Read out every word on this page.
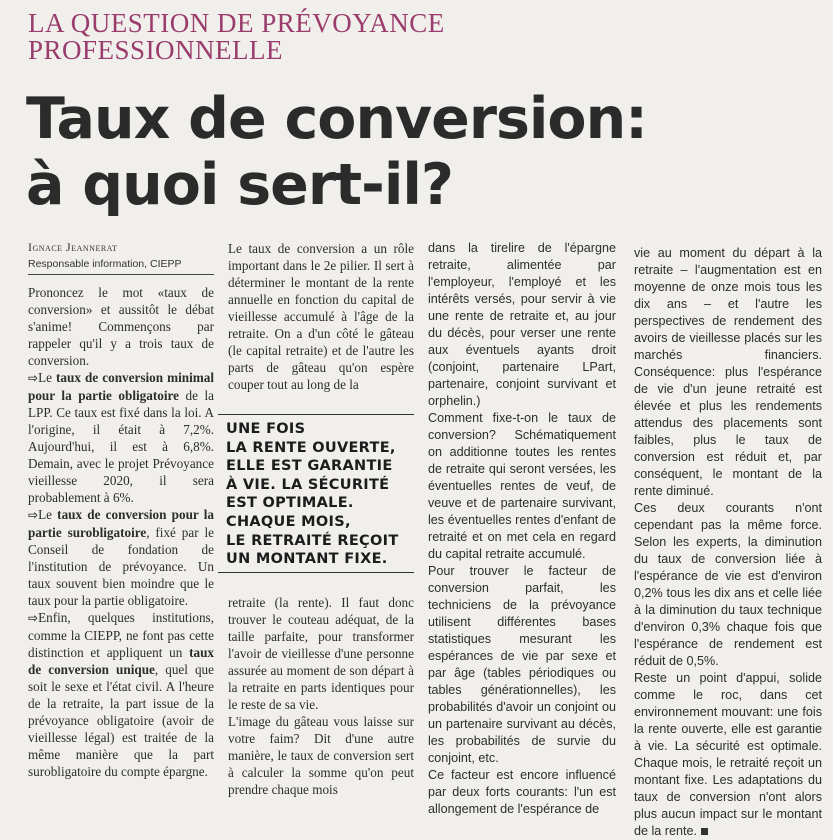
LA QUESTION DE PRÉVOYANCE
PROFESSIONNELLE
Taux de conversion:
à quoi sert-il?
Ignace Jeannerat
Responsable information, CIEPP

Prononcez le mot «taux de conversion» et aussitôt le débat s'anime! Commençons par rappeler qu'il y a trois taux de conversion.

⇨Le taux de conversion minimal pour la partie obligatoire de la LPP. Ce taux est fixé dans la loi. A l'origine, il était à 7,2%. Aujourd'hui, il est à 6,8%. Demain, avec le projet Prévoyance vieillesse 2020, il sera probablement à 6%.

⇨Le taux de conversion pour la partie surobligatoire, fixé par le Conseil de fondation de l'institution de prévoyance. Un taux souvent bien moindre que le taux pour la partie obligatoire.

⇨Enfin, quelques institutions, comme la CIEPP, ne font pas cette distinction et appliquent un taux de conversion unique, quel que soit le sexe et l'état civil. A l'heure de la retraite, la part issue de la prévoyance obligatoire (avoir de vieillesse légal) est traitée de la même manière que la part surobligatoire du compte épargne.

Le taux de conversion a un rôle important dans le 2e pilier. Il sert à déterminer le montant de la rente annuelle en fonction du capital de vieillesse accumulé à l'âge de la retraite. On a d'un côté le gâteau (le capital retraite) et de l'autre les parts de gâteau qu'on espère couper tout au long de la

UNE FOIS
LA RENTE OUVERTE,
ELLE EST GARANTIE
À VIE. LA SÉCURITÉ
EST OPTIMALE.
CHAQUE MOIS,
LE RETRAITÉ REÇOIT
UN MONTANT FIXE.

retraite (la rente). Il faut donc trouver le couteau adéquat, de la taille parfaite, pour transformer l'avoir de vieillesse d'une personne assurée au moment de son départ à la retraite en parts identiques pour le reste de sa vie.

L'image du gâteau vous laisse sur votre faim? Dit d'une autre manière, le taux de conversion sert à calculer la somme qu'on peut prendre chaque mois

dans la tirelire de l'épargne retraite, alimentée par l'employeur, l'employé et les intérêts versés, pour servir à vie une rente de retraite et, au jour du décès, pour verser une rente aux éventuels ayants droit (conjoint, partenaire LPart, partenaire, conjoint survivant et orphelin.)

Comment fixe-t-on le taux de conversion? Schématiquement on additionne toutes les rentes de retraite qui seront versées, les éventuelles rentes de veuf, de veuve et de partenaire survivant, les éventuelles rentes d'enfant de retraité et on met cela en regard du capital retraite accumulé.

Pour trouver le facteur de conversion parfait, les techniciens de la prévoyance utilisent différentes bases statistiques mesurant les espérances de vie par sexe et par âge (tables périodiques ou tables générationnelles), les probabilités d'avoir un conjoint ou un partenaire survivant au décès, les probabilités de survie du conjoint, etc.

Ce facteur est encore influencé par deux forts courants: l'un est allongement de l'espérance de

vie au moment du départ à la retraite – l'augmentation est en moyenne de onze mois tous les dix ans – et l'autre les perspectives de rendement des avoirs de vieillesse placés sur les marchés financiers. Conséquence: plus l'espérance de vie d'un jeune retraité est élevée et plus les rendements attendus des placements sont faibles, plus le taux de conversion est réduit et, par conséquent, le montant de la rente diminué.

Ces deux courants n'ont cependant pas la même force. Selon les experts, la diminution du taux de conversion liée à l'espérance de vie est d'environ 0,2% tous les dix ans et celle liée à la diminution du taux technique d'environ 0,3% chaque fois que l'espérance de rendement est réduit de 0,5%.

Reste un point d'appui, solide comme le roc, dans cet environnement mouvant: une fois la rente ouverte, elle est garantie à vie. La sécurité est optimale. Chaque mois, le retraité reçoit un montant fixe. Les adaptations du taux de conversion n'ont alors plus aucun impact sur le montant de la rente.
